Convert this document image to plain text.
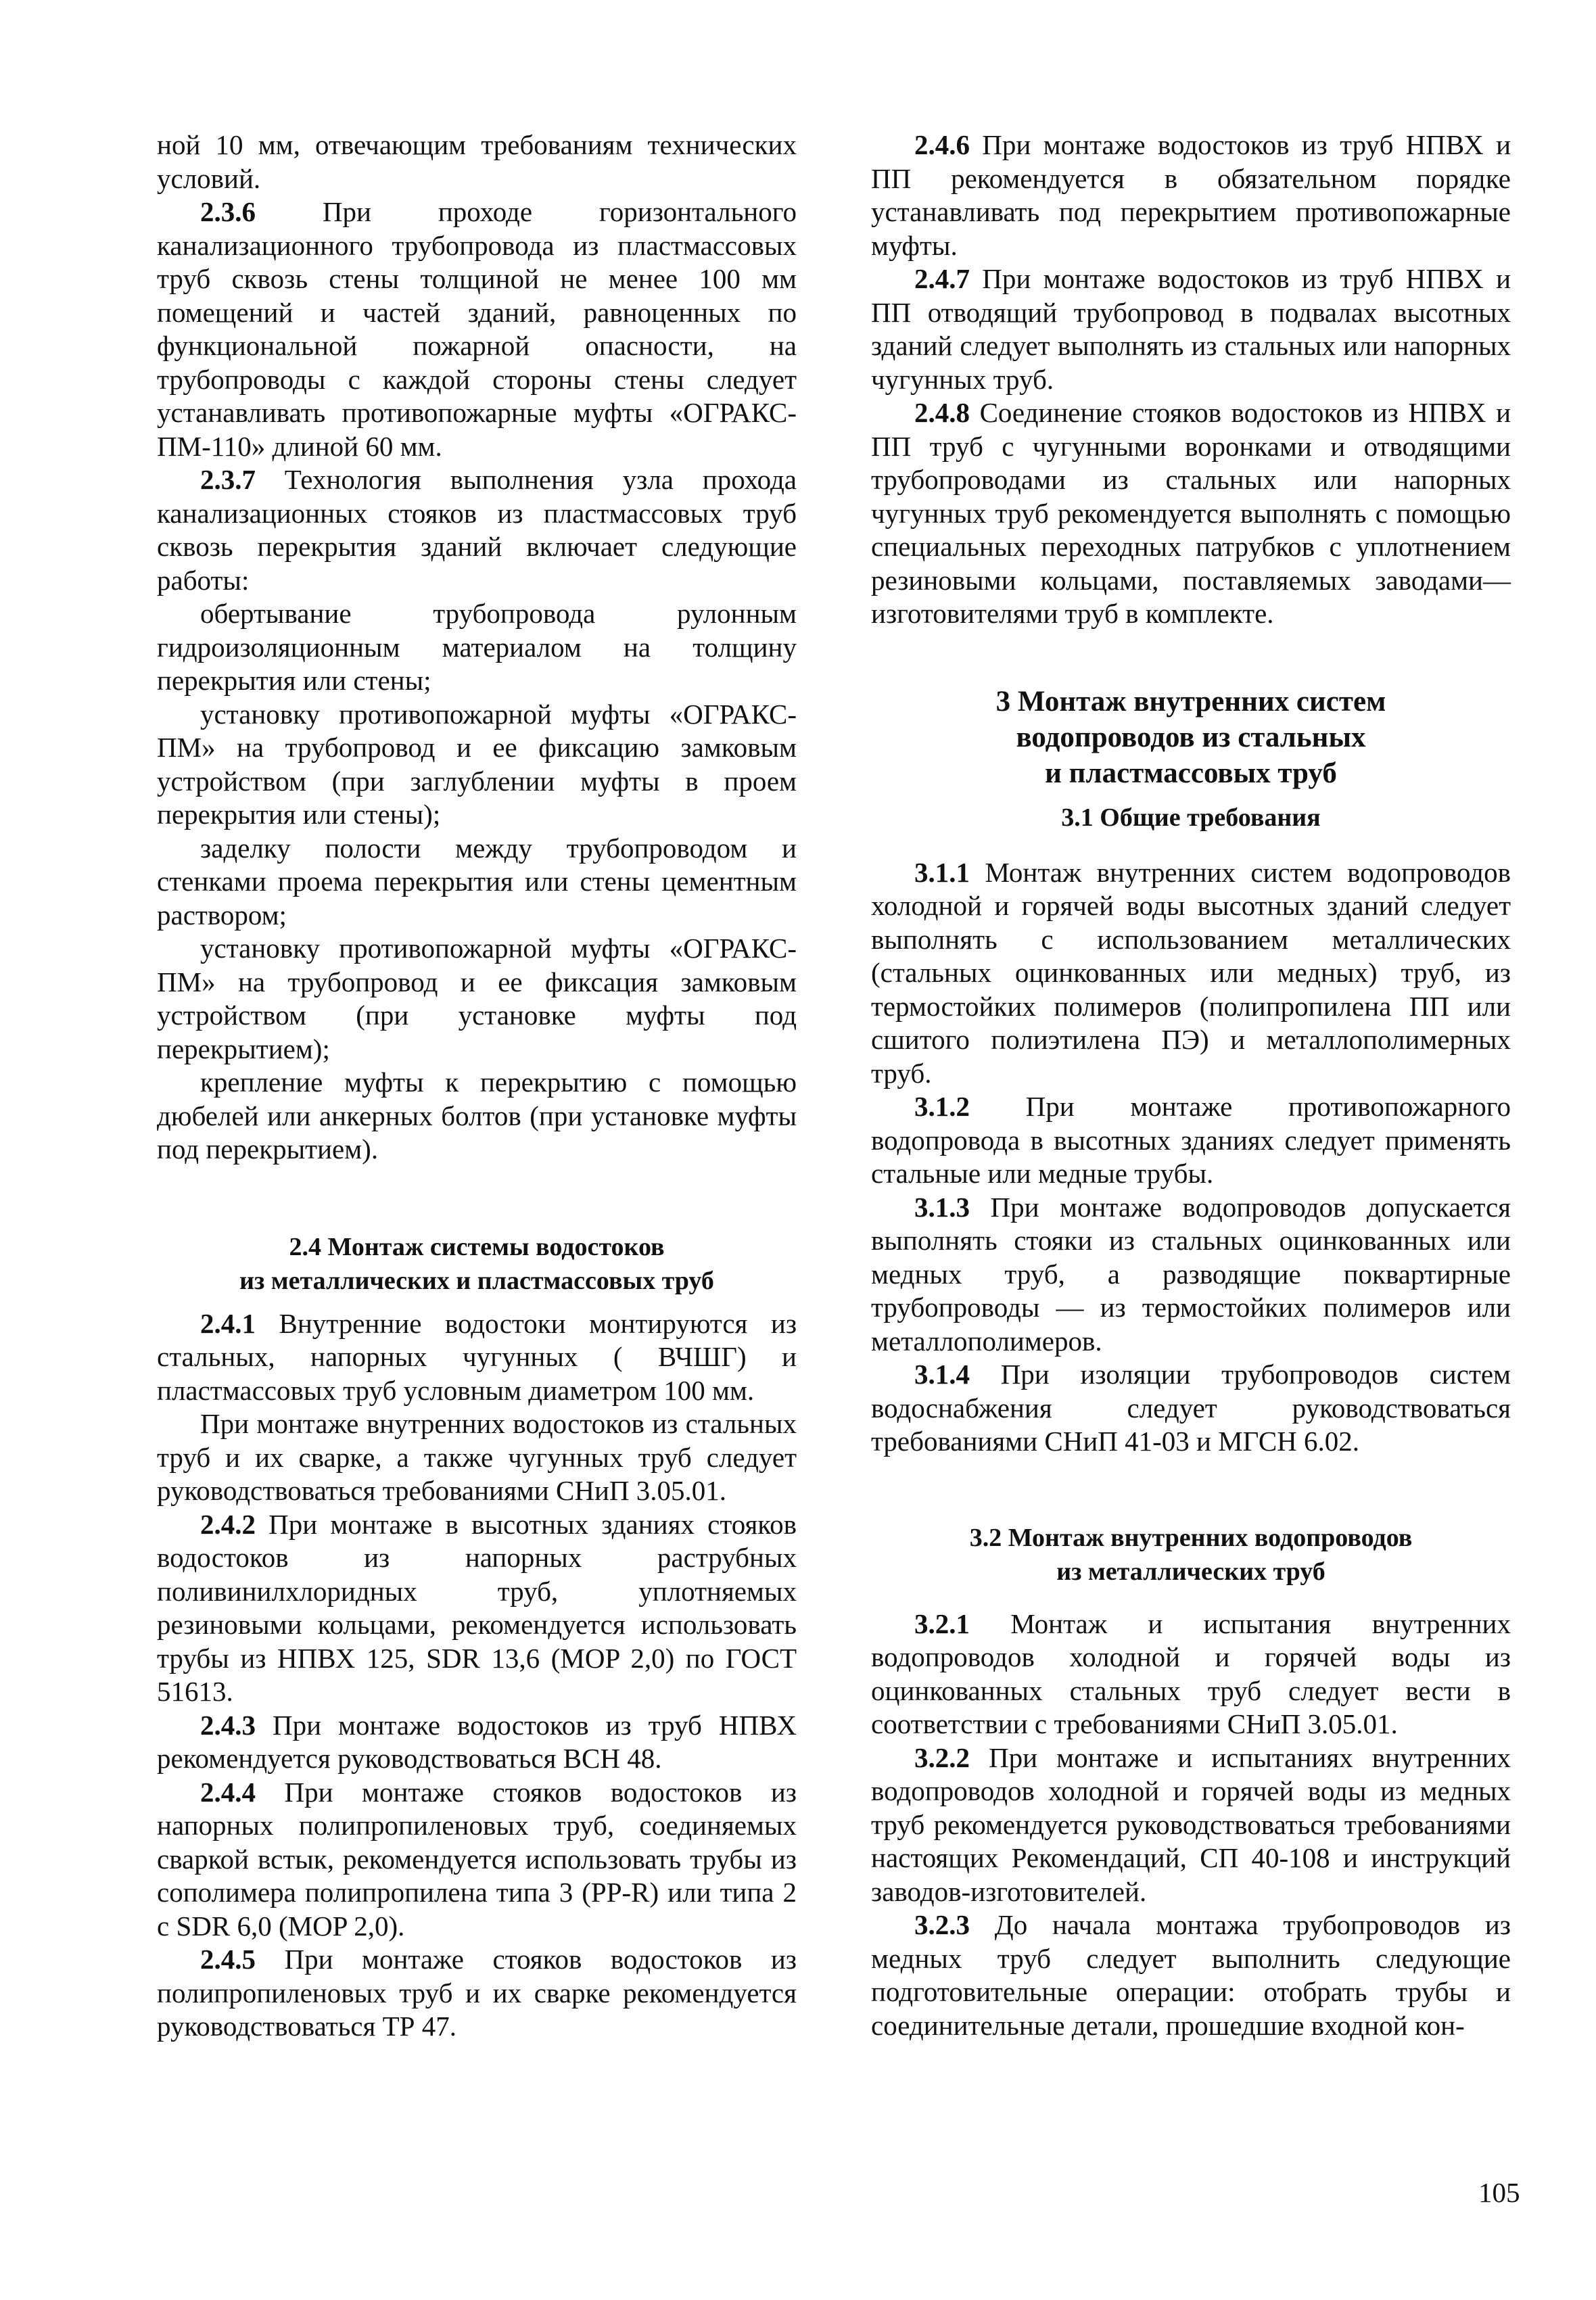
ной 10 мм, отвечающим требованиям технических условий.

2.3.6 При проходе горизонтального канализационного трубопровода из пластмассовых труб сквозь стены толщиной не менее 100 мм помещений и частей зданий, равноценных по функциональной пожарной опасности, на трубопроводы с каждой стороны стены следует устанавливать противопожарные муфты «ОГРАКС-ПМ-110» длиной 60 мм.

2.3.7 Технология выполнения узла прохода канализационных стояков из пластмассовых труб сквозь перекрытия зданий включает следующие работы:

обертывание трубопровода рулонным гидроизоляционным материалом на толщину перекрытия или стены;

установку противопожарной муфты «ОГРАКС-ПМ» на трубопровод и ее фиксацию замковым устройством (при заглублении муфты в проем перекрытия или стены);

заделку полости между трубопроводом и стенками проема перекрытия или стены цементным раствором;

установку противопожарной муфты «ОГРАКС-ПМ» на трубопровод и ее фиксация замковым устройством (при установке муфты под перекрытием);

крепление муфты к перекрытию с помощью дюбелей или анкерных болтов (при установке муфты под перекрытием).

2.4 Монтаж системы водостоков
из металлических и пластмассовых труб

2.4.1 Внутренние водостоки монтируются из стальных, напорных чугунных ( ВЧШГ) и пластмассовых труб условным диаметром 100 мм.

При монтаже внутренних водостоков из стальных труб и их сварке, а также чугунных труб следует руководствоваться требованиями СНиП 3.05.01.

2.4.2 При монтаже в высотных зданиях стояков водостоков из напорных раструбных поливинилхлоридных труб, уплотняемых резиновыми кольцами, рекомендуется использовать трубы из НПВХ 125, SDR 13,6 (MOP 2,0) по ГОСТ 51613.

2.4.3 При монтаже водостоков из труб НПВХ рекомендуется руководствоваться ВСН 48.

2.4.4 При монтаже стояков водостоков из напорных полипропиленовых труб, соединяемых сваркой встык, рекомендуется использовать трубы из сополимера полипропилена типа 3 (PP-R) или типа 2 с SDR 6,0 (MOP 2,0).

2.4.5 При монтаже стояков водостоков из полипропиленовых труб и их сварке рекомендуется руководствоваться ТР 47.

2.4.6 При монтаже водостоков из труб НПВХ и ПП рекомендуется в обязательном порядке устанавливать под перекрытием противопожарные муфты.

2.4.7 При монтаже водостоков из труб НПВХ и ПП отводящий трубопровод в подвалах высотных зданий следует выполнять из стальных или напорных чугунных труб.

2.4.8 Соединение стояков водостоков из НПВХ и ПП труб с чугунными воронками и отводящими трубопроводами из стальных или напорных чугунных труб рекомендуется выполнять с помощью специальных переходных патрубков с уплотнением резиновыми кольцами, поставляемых заводами—изготовителями труб в комплекте.

3 Монтаж внутренних систем
водопроводов из стальных
и пластмассовых труб
3.1 Общие требования

3.1.1 Монтаж внутренних систем водопроводов холодной и горячей воды высотных зданий следует выполнять с использованием металлических (стальных оцинкованных или медных) труб, из термостойких полимеров (полипропилена ПП или сшитого полиэтилена ПЭ) и металлополимерных труб.

3.1.2 При монтаже противопожарного водопровода в высотных зданиях следует применять стальные или медные трубы.

3.1.3 При монтаже водопроводов допускается выполнять стояки из стальных оцинкованных или медных труб, а разводящие поквартирные трубопроводы — из термостойких полимеров или металлополимеров.

3.1.4 При изоляции трубопроводов систем водоснабжения следует руководствоваться требованиями СНиП 41-03 и МГСН 6.02.

3.2 Монтаж внутренних водопроводов
из металлических труб

3.2.1 Монтаж и испытания внутренних водопроводов холодной и горячей воды из оцинкованных стальных труб следует вести в соответствии с требованиями СНиП 3.05.01.

3.2.2 При монтаже и испытаниях внутренних водопроводов холодной и горячей воды из медных труб рекомендуется руководствоваться требованиями настоящих Рекомендаций, СП 40-108 и инструкций заводов-изготовителей.

3.2.3 До начала монтажа трубопроводов из медных труб следует выполнить следующие подготовительные операции: отобрать трубы и соединительные детали, прошедшие входной кон-

105
